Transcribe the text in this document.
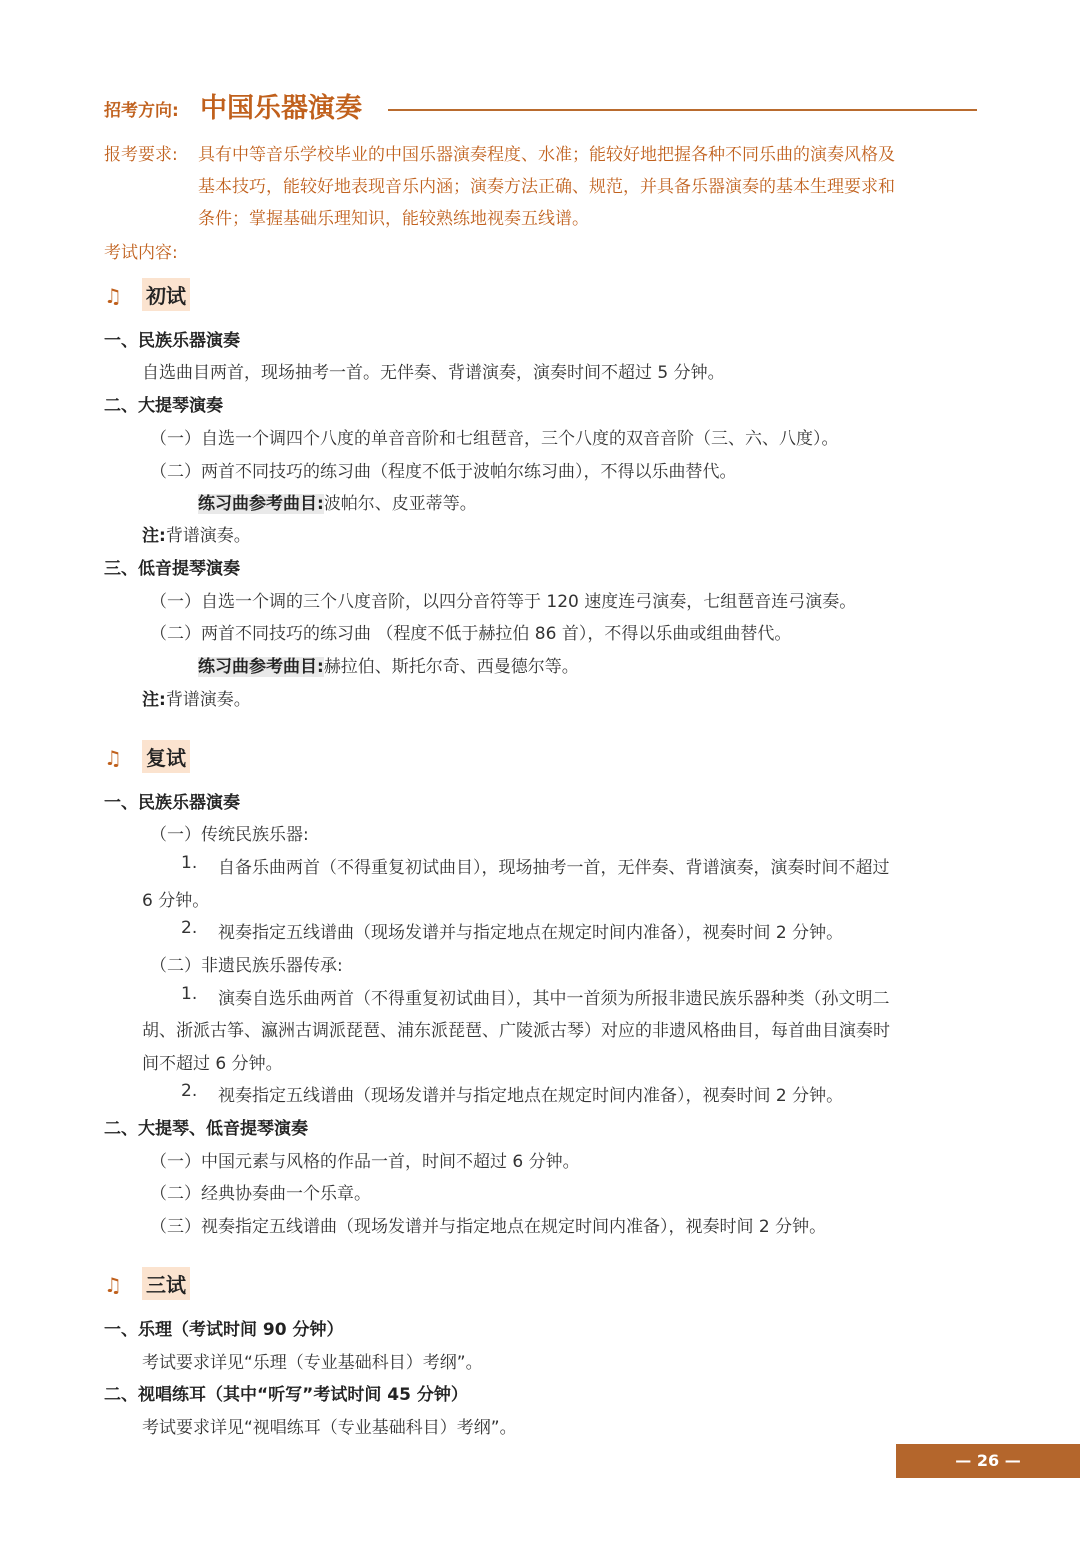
招考方向: 中国乐器演奏
报考要求: 具有中等音乐学校毕业的中国乐器演奏程度、水准；能较好地把握各种不同乐曲的演奏风格及
基本技巧，能较好地表现音乐内涵；演奏方法正确、规范，并具备乐器演奏的基本生理要求和
条件；掌握基础乐理知识，能较熟练地视奏五线谱。
考试内容:
♫ 初试
一、民族乐器演奏
自选曲目两首，现场抽考一首。无伴奏、背谱演奏，演奏时间不超过 5 分钟。
二、大提琴演奏
（一）自选一个调四个八度的单音音阶和七组琶音，三个八度的双音音阶（三、六、八度）。
（二）两首不同技巧的练习曲（程度不低于波帕尔练习曲），不得以乐曲替代。
练习曲参考曲目:波帕尔、皮亚蒂等。
注:背谱演奏。
三、低音提琴演奏
（一）自选一个调的三个八度音阶，以四分音符等于 120 速度连弓演奏，七组琶音连弓演奏。
（二）两首不同技巧的练习曲 （程度不低于赫拉伯 86 首），不得以乐曲或组曲替代。
练习曲参考曲目:赫拉伯、斯托尔奇、西曼德尔等。
注:背谱演奏。
♫ 复试
一、民族乐器演奏
（一）传统民族乐器:
1. 自备乐曲两首（不得重复初试曲目），现场抽考一首，无伴奏、背谱演奏，演奏时间不超过
6 分钟。
2. 视奏指定五线谱曲（现场发谱并与指定地点在规定时间内准备），视奏时间 2 分钟。
（二）非遗民族乐器传承:
1. 演奏自选乐曲两首（不得重复初试曲目），其中一首须为所报非遗民族乐器种类（孙文明二
胡、浙派古筝、瀛洲古调派琵琶、浦东派琵琶、广陵派古琴）对应的非遗风格曲目，每首曲目演奏时
间不超过 6 分钟。
2. 视奏指定五线谱曲（现场发谱并与指定地点在规定时间内准备），视奏时间 2 分钟。
二、大提琴、低音提琴演奏
（一）中国元素与风格的作品一首，时间不超过 6 分钟。
（二）经典协奏曲一个乐章。
（三）视奏指定五线谱曲（现场发谱并与指定地点在规定时间内准备），视奏时间 2 分钟。
♫ 三试
一、乐理（考试时间 90 分钟）
考试要求详见“乐理（专业基础科目）考纲”。
二、视唱练耳（其中“听写”考试时间 45 分钟）
考试要求详见“视唱练耳（专业基础科目）考纲”。
— 26 —
